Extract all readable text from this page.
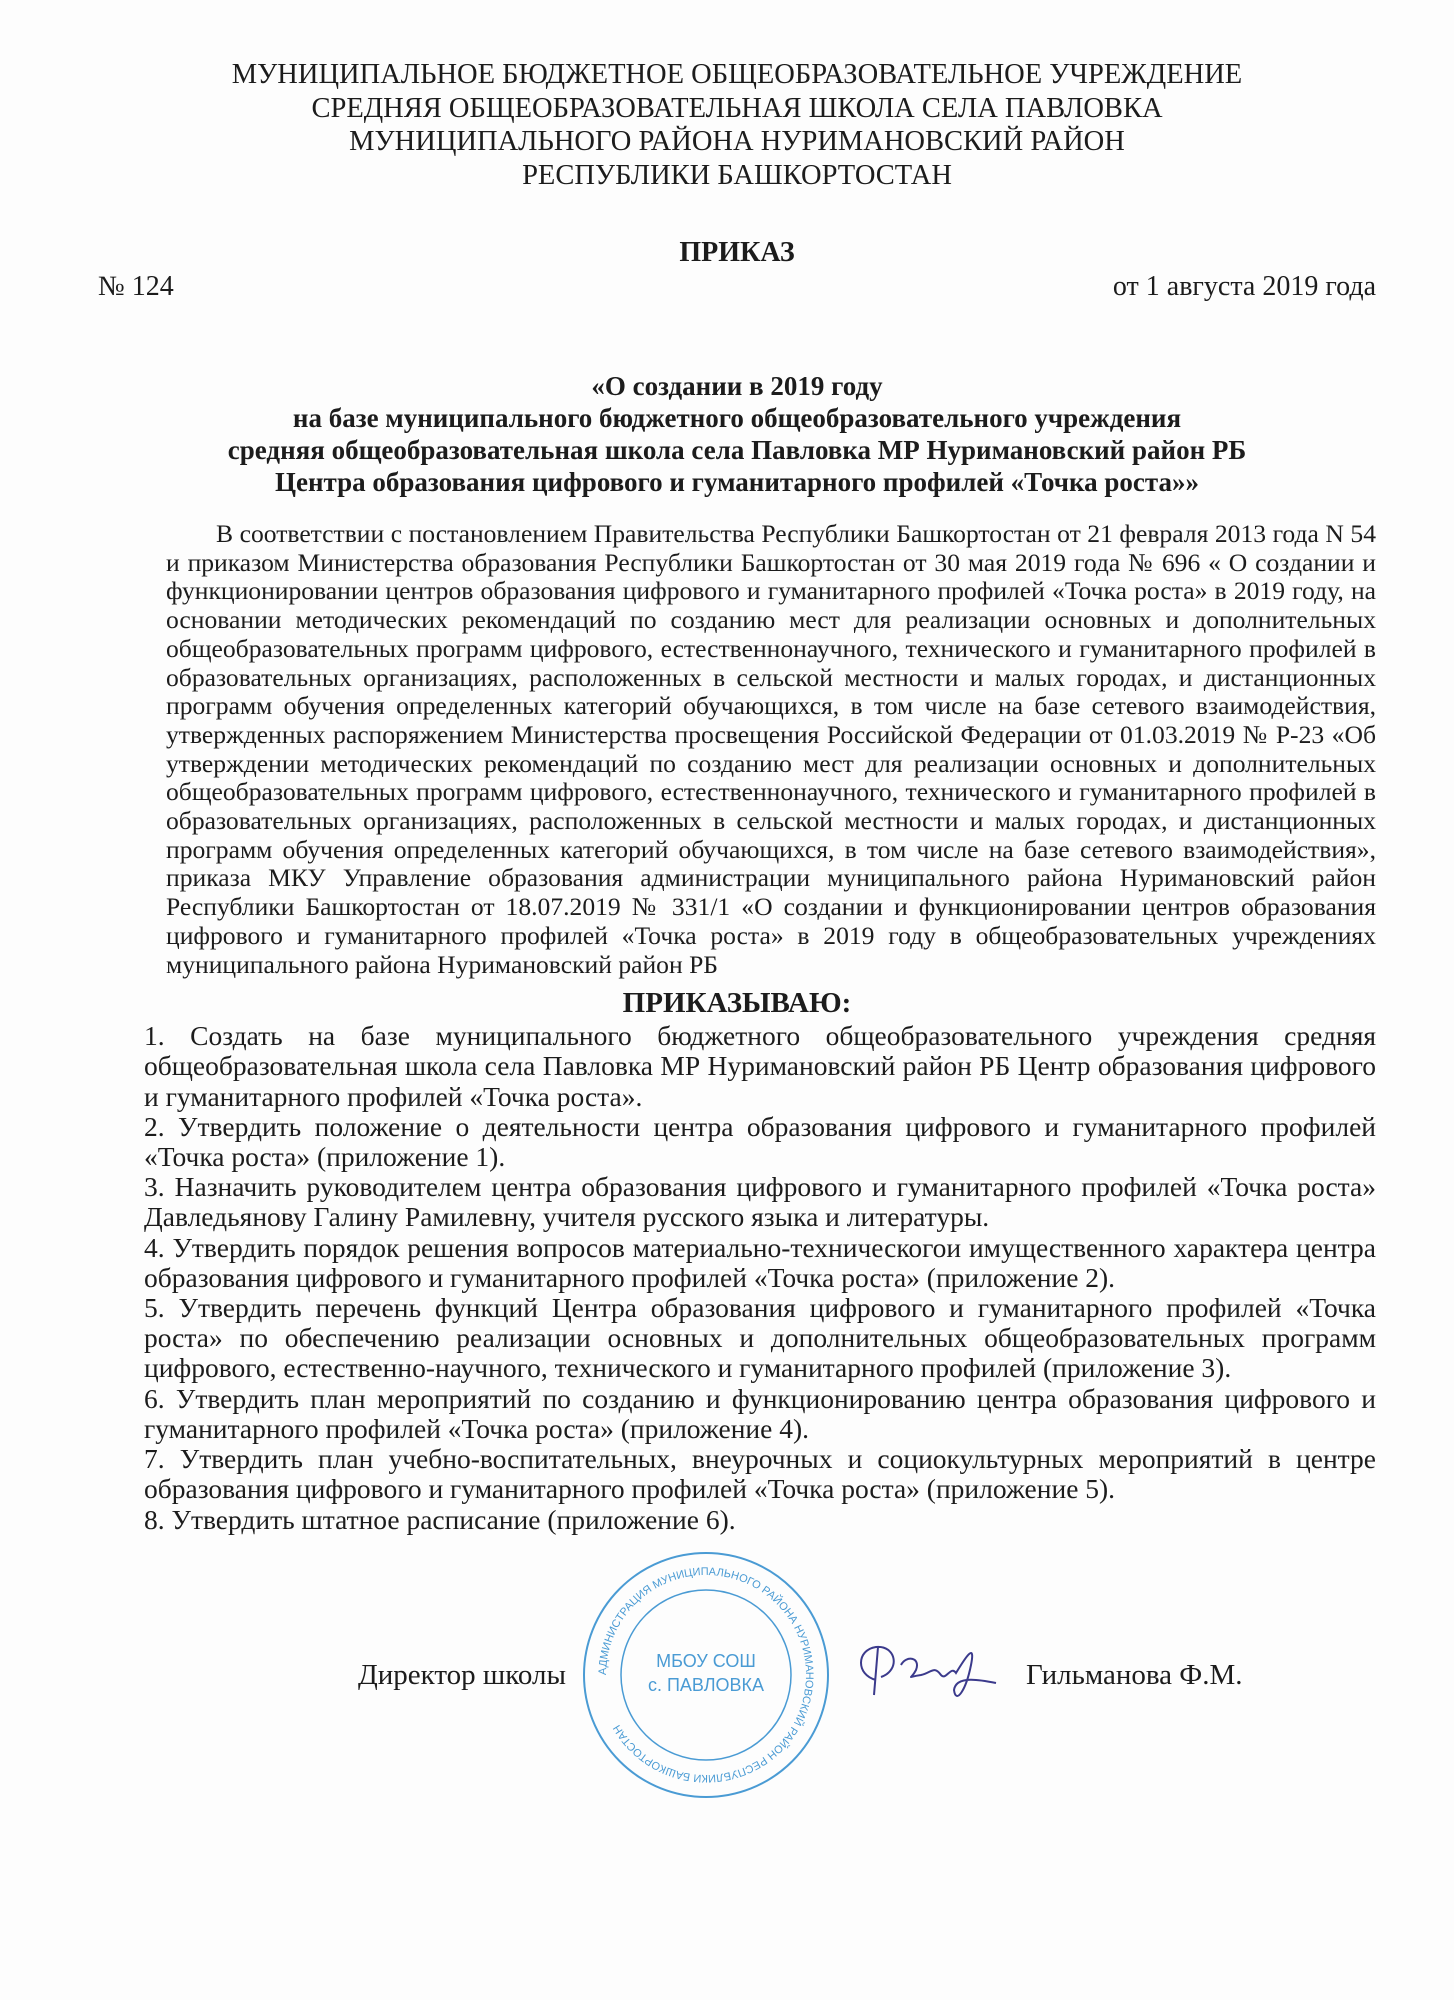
МУНИЦИПАЛЬНОЕ БЮДЖЕТНОЕ ОБЩЕОБРАЗОВАТЕЛЬНОЕ УЧРЕЖДЕНИЕ
СРЕДНЯЯ ОБЩЕОБРАЗОВАТЕЛЬНАЯ ШКОЛА СЕЛА ПАВЛОВКА
МУНИЦИПАЛЬНОГО РАЙОНА НУРИМАНОВСКИЙ РАЙОН
РЕСПУБЛИКИ БАШКОРТОСТАН
ПРИКАЗ
№ 124	от 1 августа 2019 года
«О создании в 2019 году
на базе муниципального бюджетного общеобразовательного учреждения
средняя общеобразовательная школа села Павловка МР Нуримановский район РБ
Центра образования цифрового и гуманитарного профилей «Точка роста»»
В соответствии с постановлением Правительства Республики Башкортостан от 21 февраля 2013 года N 54 и приказом Министерства образования Республики Башкортостан от 30 мая 2019 года № 696 « О создании и функционировании центров образования цифрового и гуманитарного профилей «Точка роста» в 2019 году, на основании методических рекомендаций по созданию мест для реализации основных и дополнительных общеобразовательных программ цифрового, естественнонаучного, технического и гуманитарного профилей в образовательных организациях, расположенных в сельской местности и малых городах, и дистанционных программ обучения определенных категорий обучающихся, в том числе на базе сетевого взаимодействия, утвержденных распоряжением Министерства просвещения Российской Федерации от 01.03.2019 № Р-23 «Об утверждении методических рекомендаций по созданию мест для реализации основных и дополнительных общеобразовательных программ цифрового, естественнонаучного, технического и гуманитарного профилей в образовательных организациях, расположенных в сельской местности и малых городах, и дистанционных программ обучения определенных категорий обучающихся, в том числе на базе сетевого взаимодействия», приказа МКУ Управление образования администрации муниципального района Нуримановский район Республики Башкортостан от 18.07.2019 № 331/1 «О создании и функционировании центров образования цифрового и гуманитарного профилей «Точка роста» в 2019 году в общеобразовательных учреждениях муниципального района Нуримановский район РБ
ПРИКАЗЫВАЮ:

1. Создать на базе муниципального бюджетного общеобразовательного учреждения средняя общеобразовательная школа села Павловка МР Нуримановский район РБ Центр образования цифрового и гуманитарного профилей «Точка роста».

2. Утвердить положение о деятельности центра образования цифрового и гуманитарного профилей «Точка роста» (приложение 1).

3. Назначить руководителем центра образования цифрового и гуманитарного профилей «Точка роста» Давледьянову Галину Рамилевну, учителя русского языка и литературы.

4. Утвердить порядок решения вопросов материально-техническогои имущественного характера центра образования цифрового и гуманитарного профилей «Точка роста» (приложение 2).

5. Утвердить перечень функций Центра образования цифрового и гуманитарного профилей «Точка роста» по обеспечению реализации основных и дополнительных общеобразовательных программ цифрового, естественно-научного, технического и гуманитарного профилей (приложение 3).

6. Утвердить план мероприятий по созданию и функционированию центра образования цифрового и гуманитарного профилей «Точка роста» (приложение 4).

7. Утвердить план учебно-воспитательных, внеурочных и социокультурных мероприятий в центре образования цифрового и гуманитарного профилей «Точка роста» (приложение 5).

8. Утвердить штатное расписание (приложение 6).

Директор школы	АДМИНИСТРАЦИЯ МУНИЦИПАЛЬНОГО РАЙОНА НУРИМАНОВСКИЙ РАЙОН РЕСПУБЛИКИ БАШКОРТОСТАН
МБОУ СОШ
с. ПАВЛОВКА	Гильманова Ф.М.
